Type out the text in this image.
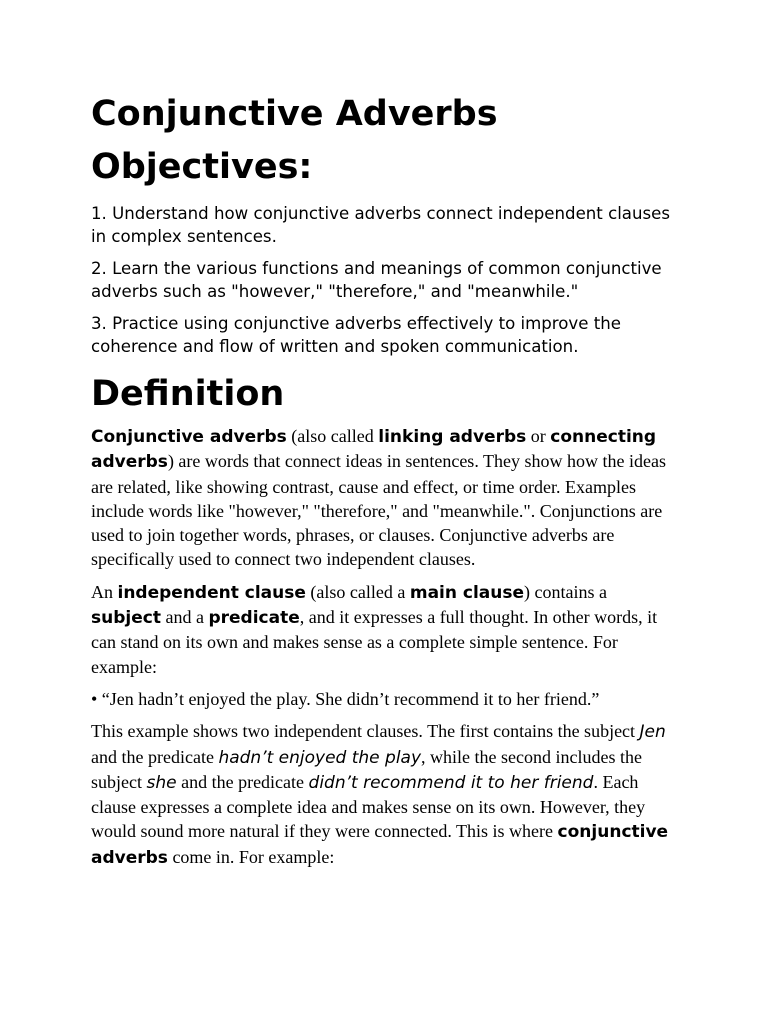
Conjunctive Adverbs
Objectives:

1. Understand how conjunctive adverbs connect independent clauses in complex sentences.

2. Learn the various functions and meanings of common conjunctive adverbs such as "however," "therefore," and "meanwhile."

3. Practice using conjunctive adverbs effectively to improve the coherence and flow of written and spoken communication.

Definition

Conjunctive adverbs (also called linking adverbs or connecting adverbs) are words that connect ideas in sentences. They show how the ideas are related, like showing contrast, cause and effect, or time order. Examples include words like "however," "therefore," and "meanwhile.". Conjunctions are used to join together words, phrases, or clauses. Conjunctive adverbs are specifically used to connect two independent clauses.

An independent clause (also called a main clause) contains a subject and a predicate, and it expresses a full thought. In other words, it can stand on its own and makes sense as a complete simple sentence. For example:

• “Jen hadn’t enjoyed the play. She didn’t recommend it to her friend.”

This example shows two independent clauses. The first contains the subject Jen and the predicate hadn’t enjoyed the play, while the second includes the subject she and the predicate didn’t recommend it to her friend. Each clause expresses a complete idea and makes sense on its own. However, they would sound more natural if they were connected. This is where conjunctive adverbs come in. For example:
